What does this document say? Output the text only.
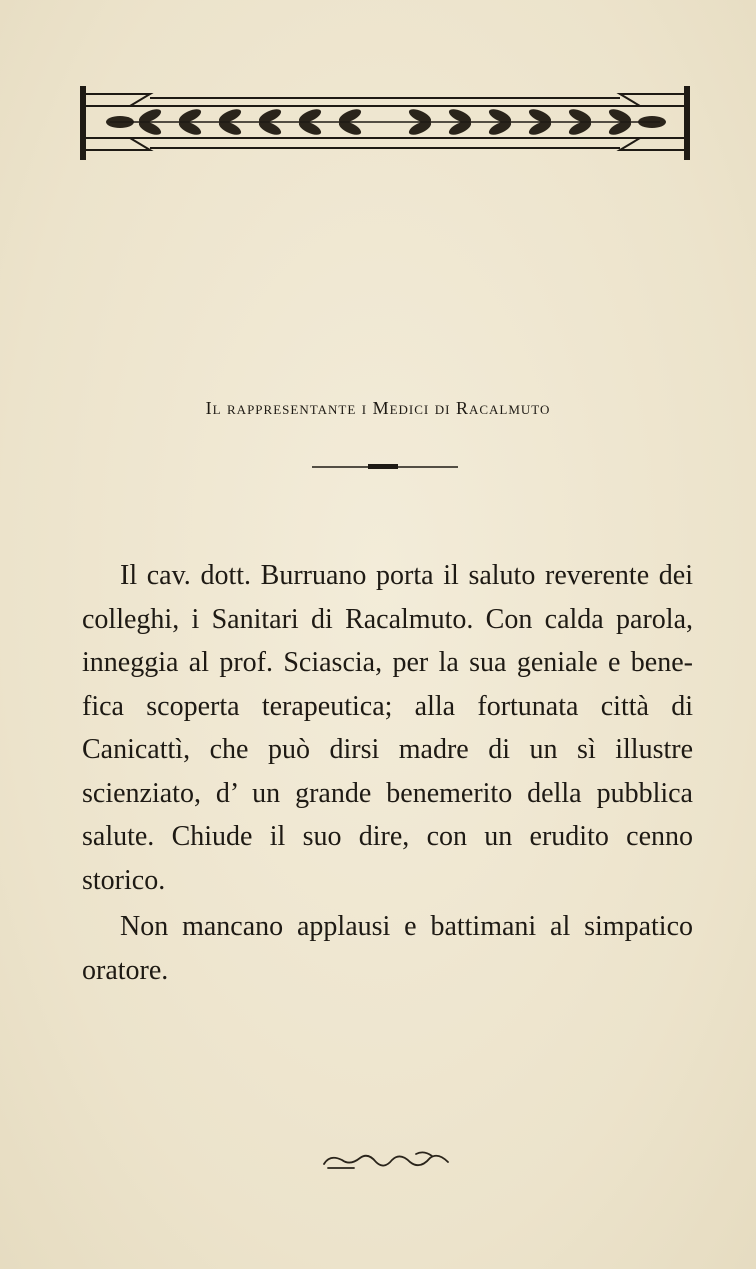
Il rappresentante i Medici di Racalmuto

Il cav. dott. Burruano porta il saluto reverente dei colleghi, i Sanitari di Racalmuto. Con calda parola, inneggia al prof. Sciascia, per la sua geniale e benefica scoperta terapeutica; alla fortunata città di Canicattì, che può dirsi madre di un sì illustre scienziato, d’ un grande benemerito della pubblica salute. Chiude il suo dire, con un erudito cenno storico.

Non mancano applausi e battimani al simpatico oratore.
